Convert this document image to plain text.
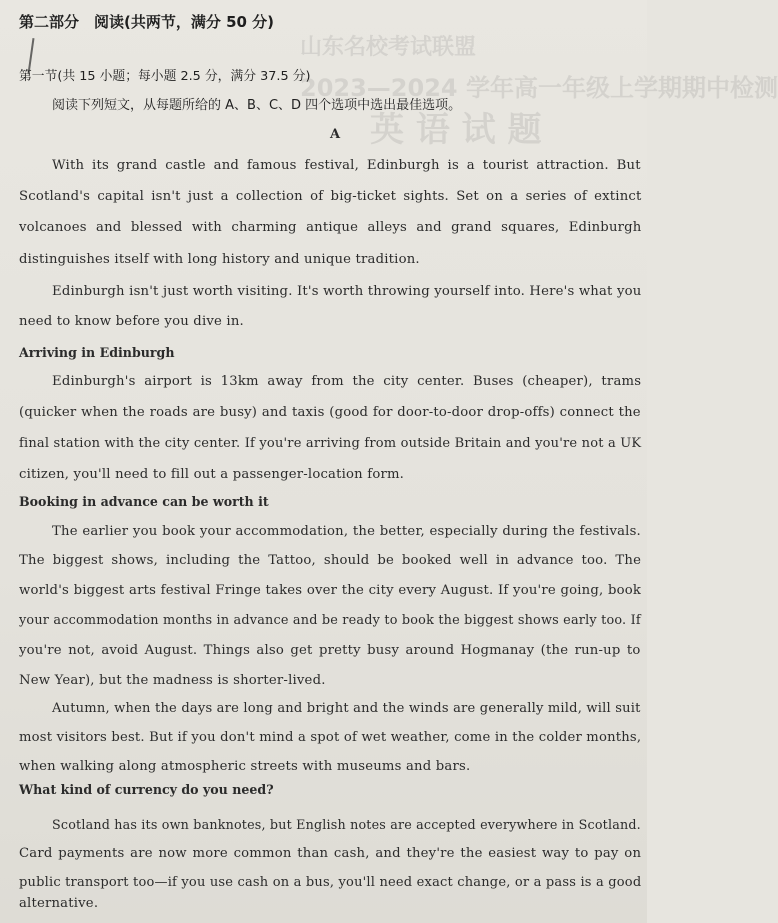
山东名校考试联盟
2023—2024 学年高一年级上学期期中检测
英 语 试 题
第二部分　阅读(共两节，满分 50 分)
第一节(共 15 小题；每小题 2.5 分，满分 37.5 分)
阅读下列短文，从每题所给的 A、B、C、D 四个选项中选出最佳选项。
A
With its grand castle and famous festival, Edinburgh is a tourist attraction. But
Scotland's capital isn't just a collection of big-ticket sights. Set on a series of extinct
volcanoes and blessed with charming antique alleys and grand squares, Edinburgh
distinguishes itself with long history and unique tradition.
Edinburgh isn't just worth visiting. It's worth throwing yourself into. Here's what you
need to know before you dive in.
Arriving in Edinburgh
Edinburgh's airport is 13km away from the city center. Buses (cheaper), trams
(quicker when the roads are busy) and taxis (good for door-to-door drop-offs) connect the
final station with the city center. If you're arriving from outside Britain and you're not a UK
citizen, you'll need to fill out a passenger-location form.
Booking in advance can be worth it
The earlier you book your accommodation, the better, especially during the festivals.
The biggest shows, including the Tattoo, should be booked well in advance too. The
world's biggest arts festival Fringe takes over the city every August. If you're going, book
your accommodation months in advance and be ready to book the biggest shows early too. If
you're not, avoid August. Things also get pretty busy around Hogmanay (the run-up to
New Year), but the madness is shorter-lived.
Autumn, when the days are long and bright and the winds are generally mild, will suit
most visitors best. But if you don't mind a spot of wet weather, come in the colder months,
when walking along atmospheric streets with museums and bars.
What kind of currency do you need?
Scotland has its own banknotes, but English notes are accepted everywhere in Scotland.
Card payments are now more common than cash, and they're the easiest way to pay on
public transport too—if you use cash on a bus, you'll need exact change, or a pass is a good
alternative.
